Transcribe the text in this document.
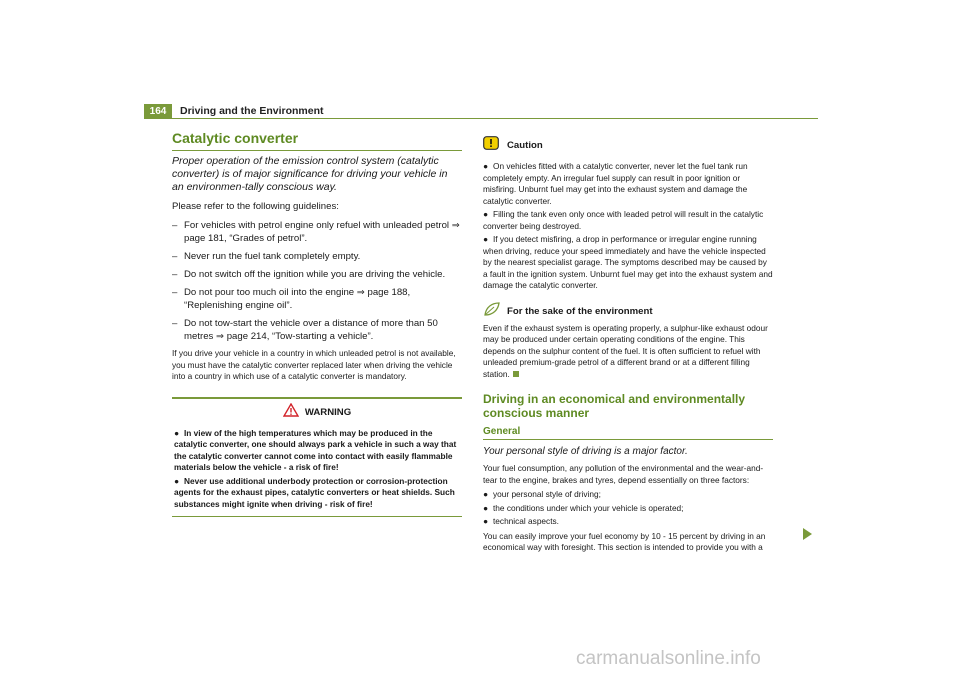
164	Driving and the Environment
Catalytic converter

Proper operation of the emission control system (catalytic converter) is of major significance for driving your vehicle in an environmen-tally conscious way.

Please refer to the following guidelines:

– For vehicles with petrol engine only refuel with unleaded petrol ⇒ page 181, “Grades of petrol”.
– Never run the fuel tank completely empty.
– Do not switch off the ignition while you are driving the vehicle.
– Do not pour too much oil into the engine ⇒ page 188, “Replenishing engine oil”.
– Do not tow-start the vehicle over a distance of more than 50 metres ⇒ page 214, “Tow-starting a vehicle”.

If you drive your vehicle in a country in which unleaded petrol is not available, you must have the catalytic converter replaced later when driving the vehicle into a country in which use of a catalytic converter is mandatory.

WARNING

● In view of the high temperatures which may be produced in the catalytic converter, one should always park a vehicle in such a way that the catalytic converter cannot come into contact with easily flammable materials below the vehicle - a risk of fire!

● Never use additional underbody protection or corrosion-protection agents for the exhaust pipes, catalytic converters or heat shields. Such substances might ignite when driving - risk of fire!

Caution

● On vehicles fitted with a catalytic converter, never let the fuel tank run completely empty. An irregular fuel supply can result in poor ignition or misfiring. Unburnt fuel may get into the exhaust system and damage the catalytic converter.

● Filling the tank even only once with leaded petrol will result in the catalytic converter being destroyed.

● If you detect misfiring, a drop in performance or irregular engine running when driving, reduce your speed immediately and have the vehicle inspected by the nearest specialist garage. The symptoms described may be caused by a fault in the ignition system. Unburnt fuel may get into the exhaust system and damage the catalytic converter.

For the sake of the environment

Even if the exhaust system is operating properly, a sulphur-like exhaust odour may be produced under certain operating conditions of the engine. This depends on the sulphur content of the fuel. It is often sufficient to refuel with unleaded premium-grade petrol of a different brand or at a different filling station.

Driving in an economical and environmentally conscious manner
General

Your personal style of driving is a major factor.

Your fuel consumption, any pollution of the environmental and the wear-and-tear to the engine, brakes and tyres, depend essentially on three factors:

● your personal style of driving;

● the conditions under which your vehicle is operated;

● technical aspects.

You can easily improve your fuel economy by 10 - 15 percent by driving in an economical way with foresight. This section is intended to provide you with a

carmanualsonline.info
